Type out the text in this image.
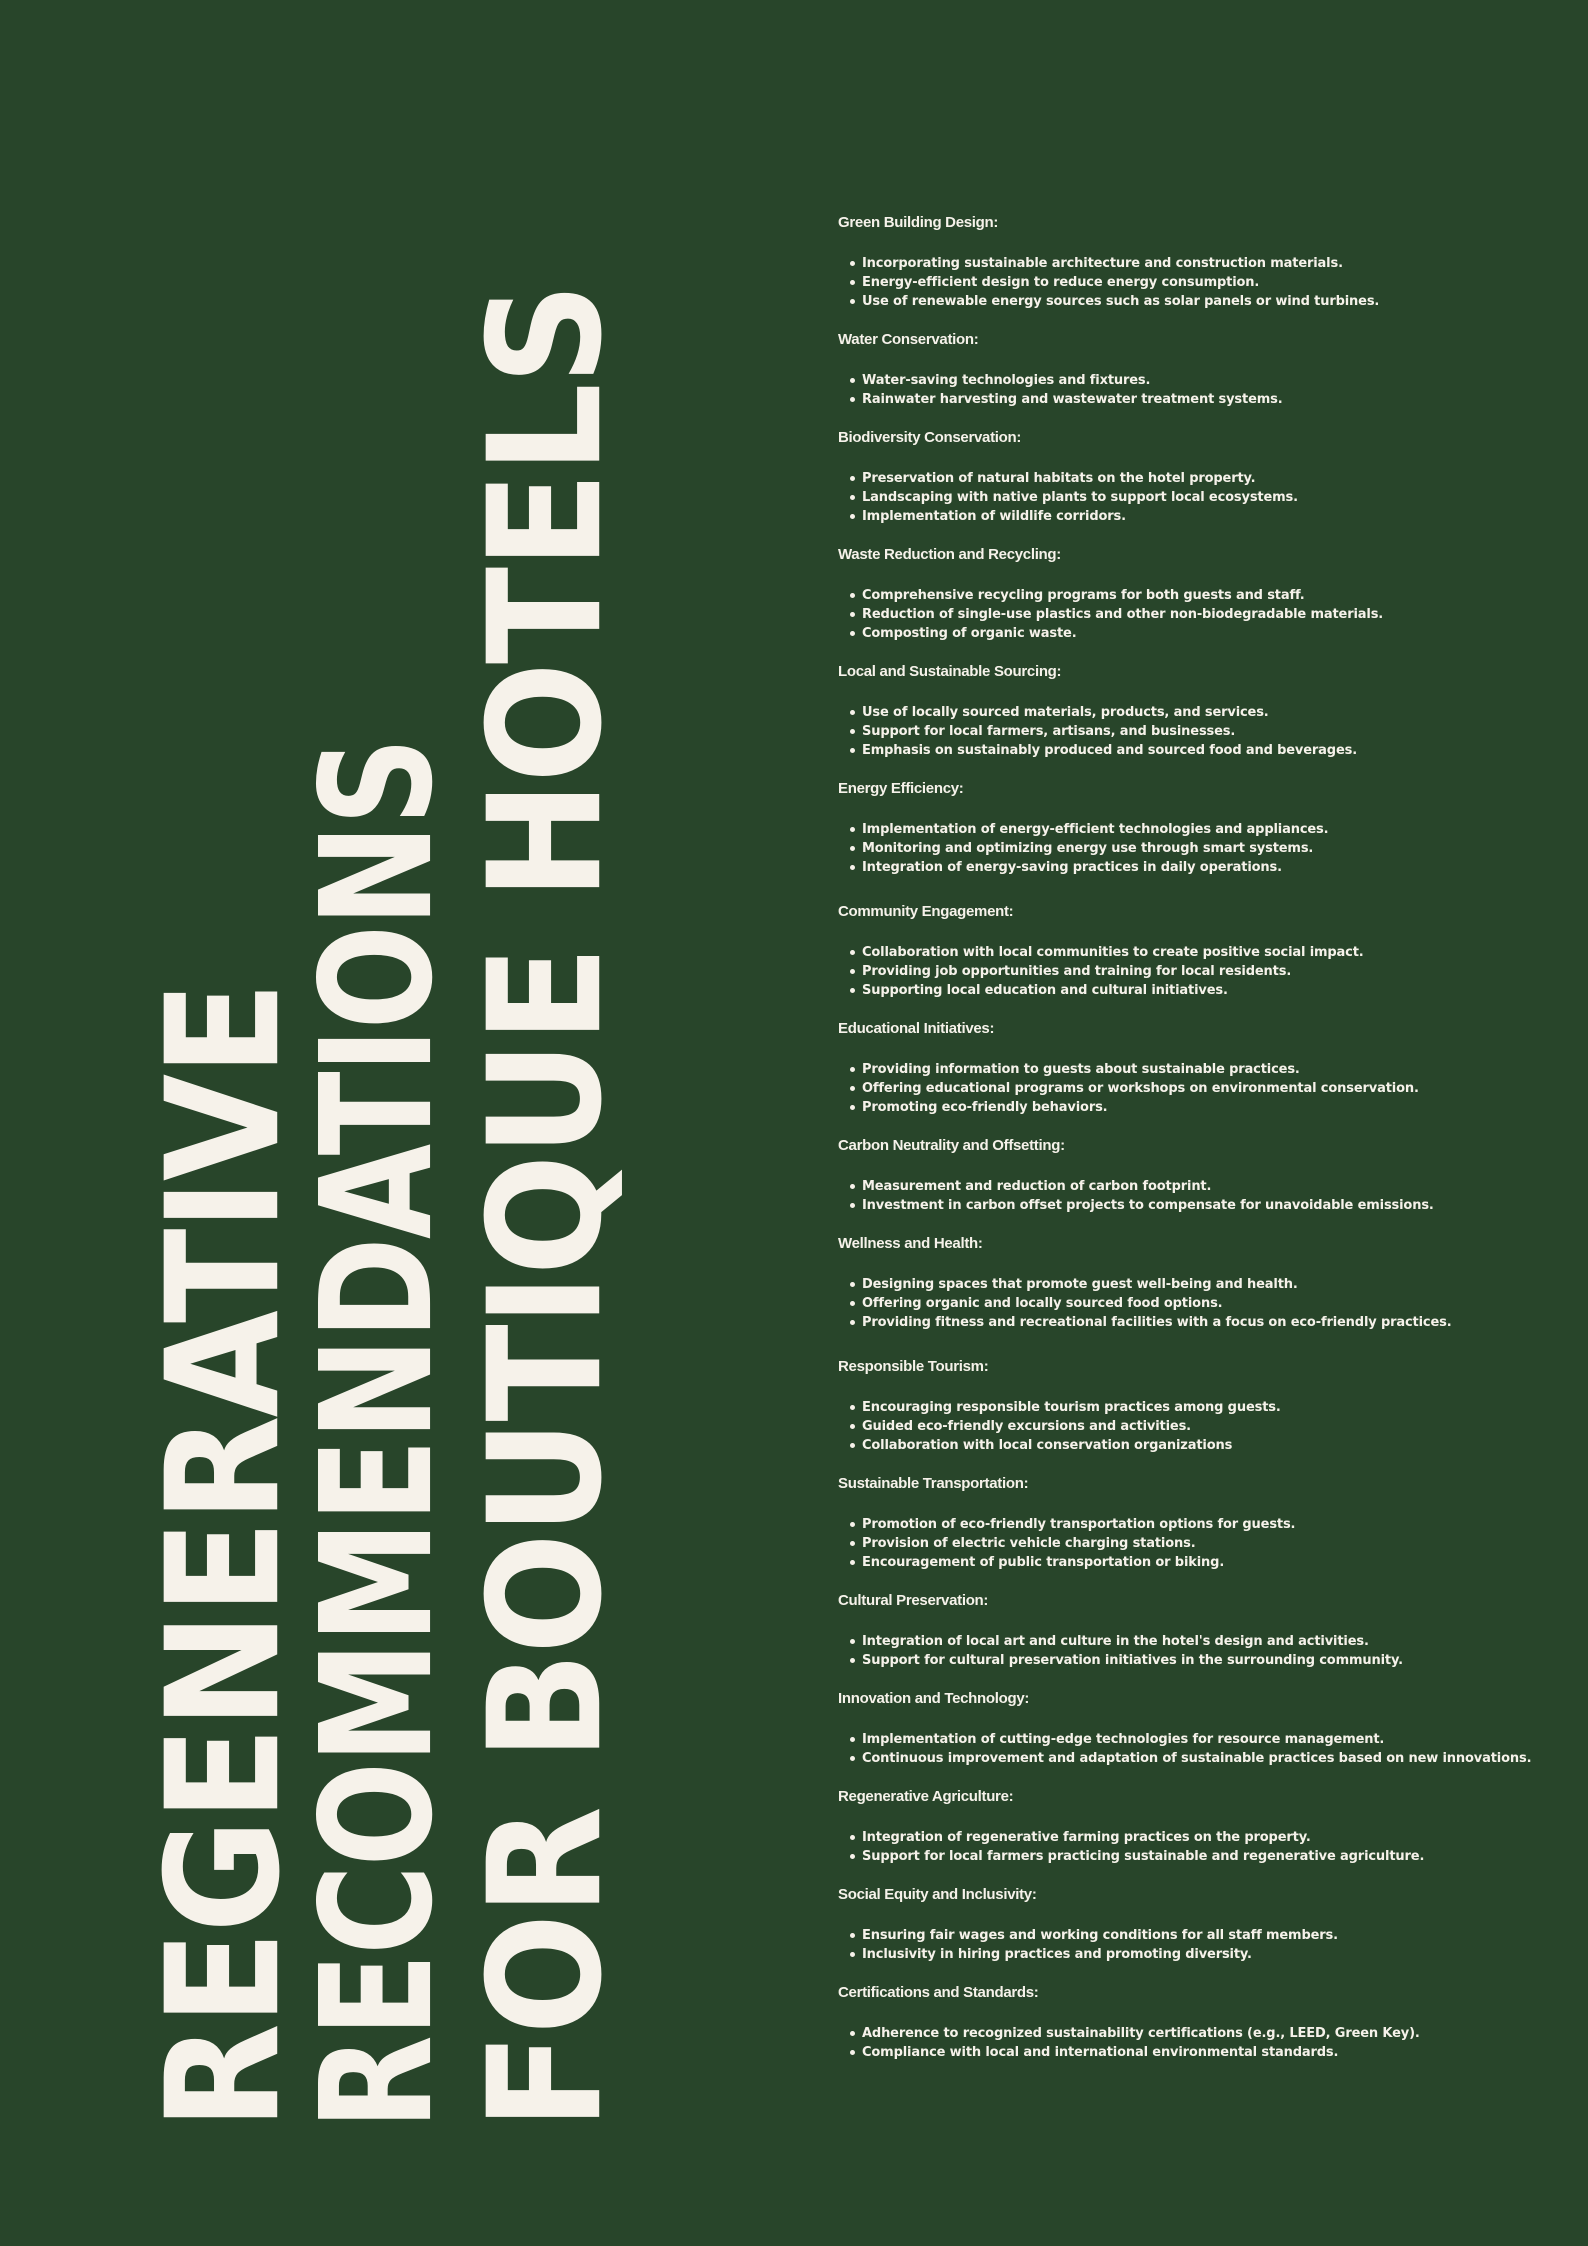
REGENERATIVE
RECOMMENDATIONS
FOR BOUTIQUE HOTELS
Green Building Design:
Incorporating sustainable architecture and construction materials.
Energy-efficient design to reduce energy consumption.
Use of renewable energy sources such as solar panels or wind turbines.
Water Conservation:
Water-saving technologies and fixtures.
Rainwater harvesting and wastewater treatment systems.
Biodiversity Conservation:
Preservation of natural habitats on the hotel property.
Landscaping with native plants to support local ecosystems.
Implementation of wildlife corridors.
Waste Reduction and Recycling:
Comprehensive recycling programs for both guests and staff.
Reduction of single-use plastics and other non-biodegradable materials.
Composting of organic waste.
Local and Sustainable Sourcing:
Use of locally sourced materials, products, and services.
Support for local farmers, artisans, and businesses.
Emphasis on sustainably produced and sourced food and beverages.
Energy Efficiency:
Implementation of energy-efficient technologies and appliances.
Monitoring and optimizing energy use through smart systems.
Integration of energy-saving practices in daily operations.
Community Engagement:
Collaboration with local communities to create positive social impact.
Providing job opportunities and training for local residents.
Supporting local education and cultural initiatives.
Educational Initiatives:
Providing information to guests about sustainable practices.
Offering educational programs or workshops on environmental conservation.
Promoting eco-friendly behaviors.
Carbon Neutrality and Offsetting:
Measurement and reduction of carbon footprint.
Investment in carbon offset projects to compensate for unavoidable emissions.
Wellness and Health:
Designing spaces that promote guest well-being and health.
Offering organic and locally sourced food options.
Providing fitness and recreational facilities with a focus on eco-friendly practices.
Responsible Tourism:
Encouraging responsible tourism practices among guests.
Guided eco-friendly excursions and activities.
Collaboration with local conservation organizations
Sustainable Transportation:
Promotion of eco-friendly transportation options for guests.
Provision of electric vehicle charging stations.
Encouragement of public transportation or biking.
Cultural Preservation:
Integration of local art and culture in the hotel's design and activities.
Support for cultural preservation initiatives in the surrounding community.
Innovation and Technology:
Implementation of cutting-edge technologies for resource management.
Continuous improvement and adaptation of sustainable practices based on new innovations.
Regenerative Agriculture:
Integration of regenerative farming practices on the property.
Support for local farmers practicing sustainable and regenerative agriculture.
Social Equity and Inclusivity:
Ensuring fair wages and working conditions for all staff members.
Inclusivity in hiring practices and promoting diversity.
Certifications and Standards:
Adherence to recognized sustainability certifications (e.g., LEED, Green Key).
Compliance with local and international environmental standards.
